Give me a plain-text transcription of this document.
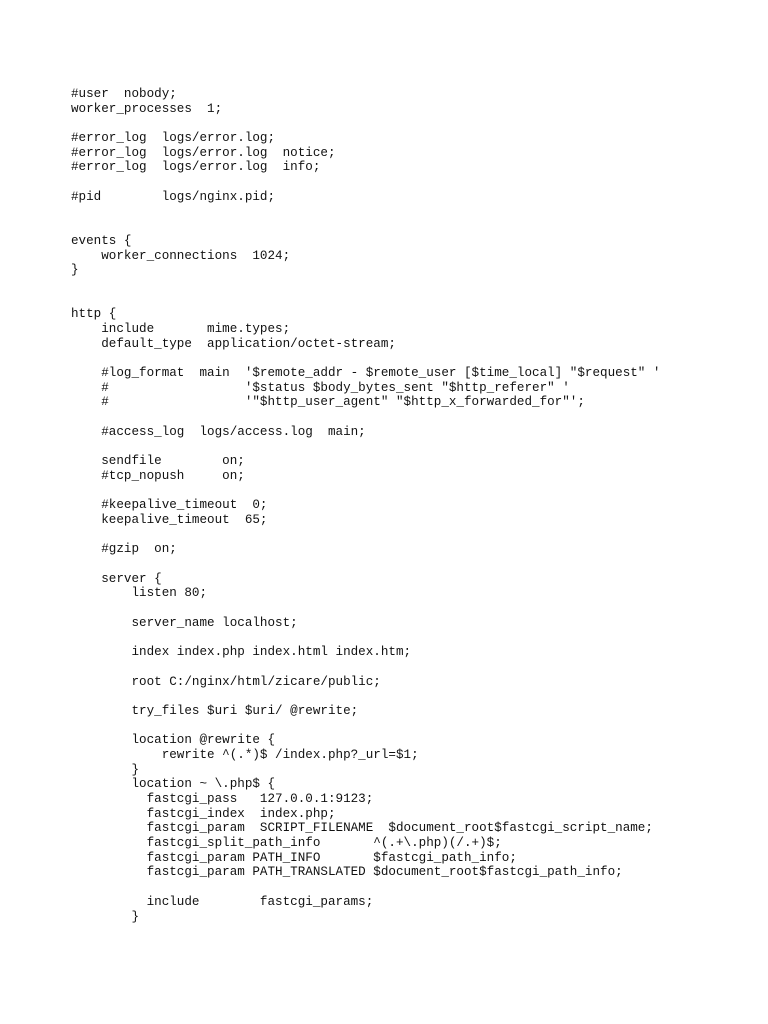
#user  nobody;
worker_processes  1;
#error_log  logs/error.log;
#error_log  logs/error.log  notice;
#error_log  logs/error.log  info;
#pid        logs/nginx.pid;
events {
worker_connections  1024;
}
http {
include       mime.types;
default_type  application/octet-stream;
#log_format  main  '$remote_addr - $remote_user [$time_local] "$request" '
#                  '$status $body_bytes_sent "$http_referer" '
#                  '"$http_user_agent" "$http_x_forwarded_for"';
#access_log  logs/access.log  main;
sendfile        on;
#tcp_nopush     on;
#keepalive_timeout  0;
keepalive_timeout  65;
#gzip  on;
server {
listen 80;
server_name localhost;
index index.php index.html index.htm;
root C:/nginx/html/zicare/public;
try_files $uri $uri/ @rewrite;
location @rewrite {
rewrite ^(.*)$ /index.php?_url=$1;
}
location ~ \.php$ {
fastcgi_pass   127.0.0.1:9123;
fastcgi_index  index.php;
fastcgi_param  SCRIPT_FILENAME  $document_root$fastcgi_script_name;
fastcgi_split_path_info       ^(.+\.php)(/.+)$;
fastcgi_param PATH_INFO       $fastcgi_path_info;
fastcgi_param PATH_TRANSLATED $document_root$fastcgi_path_info;
include        fastcgi_params;
}
